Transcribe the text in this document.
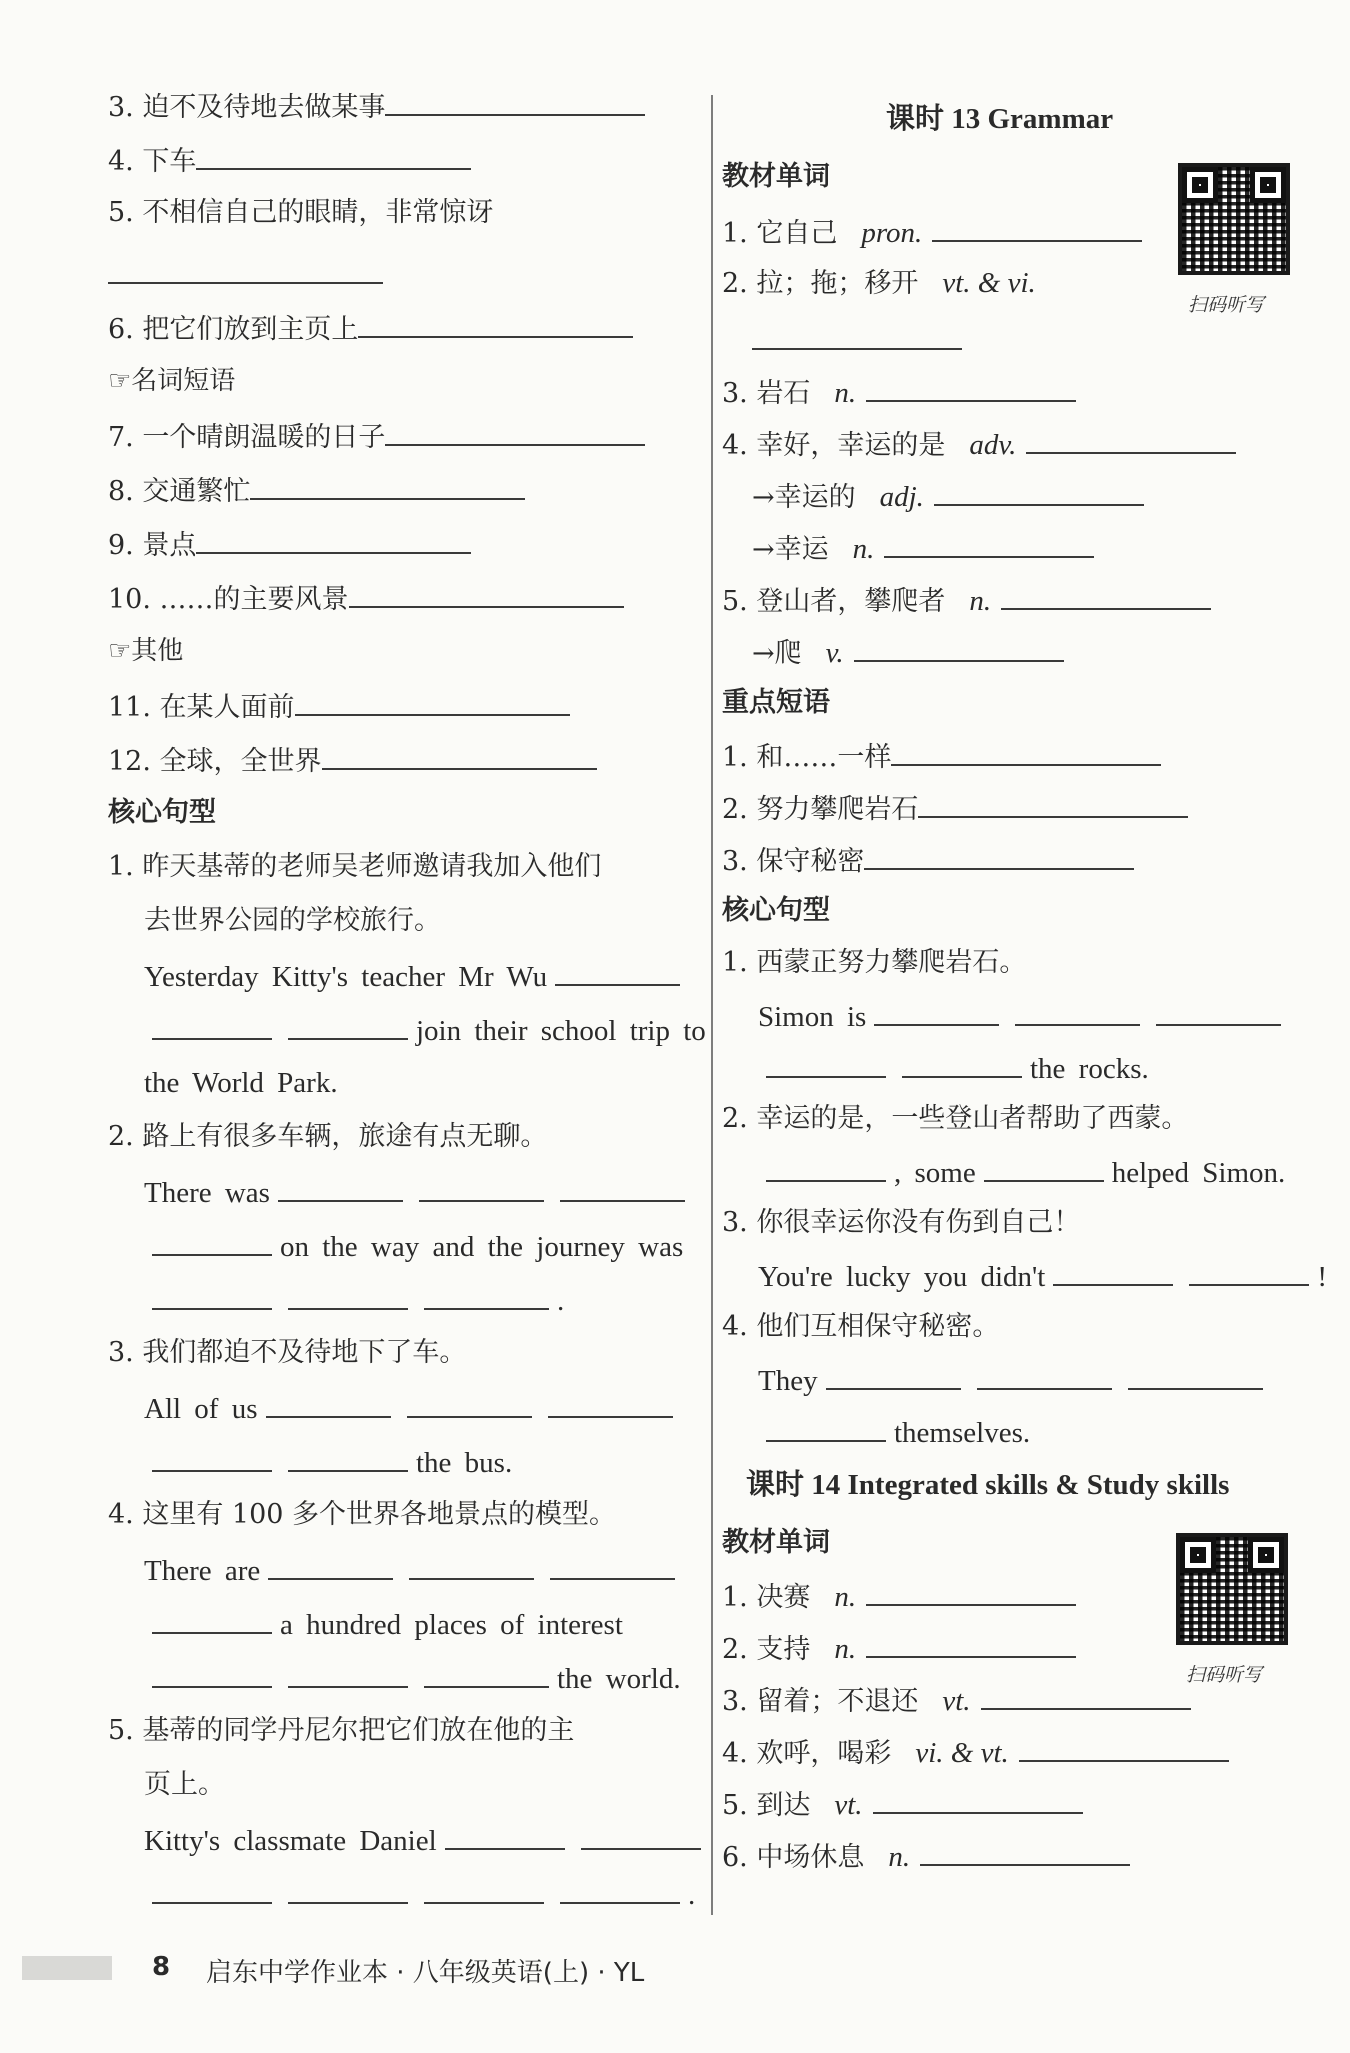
3. 迫不及待地去做某事
4. 下车
5. 不相信自己的眼睛，非常惊讶
6. 把它们放到主页上
☞名词短语
7. 一个晴朗温暖的日子
8. 交通繁忙
9. 景点
10. ……的主要风景
☞其他
11. 在某人面前
12. 全球，全世界
核心句型
1. 昨天基蒂的老师吴老师邀请我加入他们
去世界公园的学校旅行。
Yesterday Kitty's teacher Mr Wu
join their school trip to
the World Park.
2. 路上有很多车辆，旅途有点无聊。
There was
on the way and the journey was
.
3. 我们都迫不及待地下了车。
All of us
the bus.
4. 这里有 100 多个世界各地景点的模型。
There are
a hundred places of interest
the world.
5. 基蒂的同学丹尼尔把它们放在他的主
页上。
Kitty's classmate Daniel
.
课时 13 Grammar
教材单词
1. 它自己 pron.
2. 拉；拖；移开 vt. & vi.
3. 岩石 n.
4. 幸好，幸运的是 adv.
→幸运的 adj.
→幸运 n.
5. 登山者，攀爬者 n.
→爬 v.
重点短语
1. 和……一样
2. 努力攀爬岩石
3. 保守秘密
核心句型
1. 西蒙正努力攀爬岩石。
Simon is
the rocks.
2. 幸运的是，一些登山者帮助了西蒙。
, some	helped Simon.
3. 你很幸运你没有伤到自己！
You're lucky you didn't	!
4. 他们互相保守秘密。
They
themselves.
课时 14 Integrated skills & Study skills
教材单词
1. 决赛 n.
2. 支持 n.
3. 留着；不退还 vt.
4. 欢呼，喝彩 vi. & vt.
5. 到达 vt.
6. 中场休息 n.
扫码听写
扫码听写
8 启东中学作业本 · 八年级英语(上) · YL
